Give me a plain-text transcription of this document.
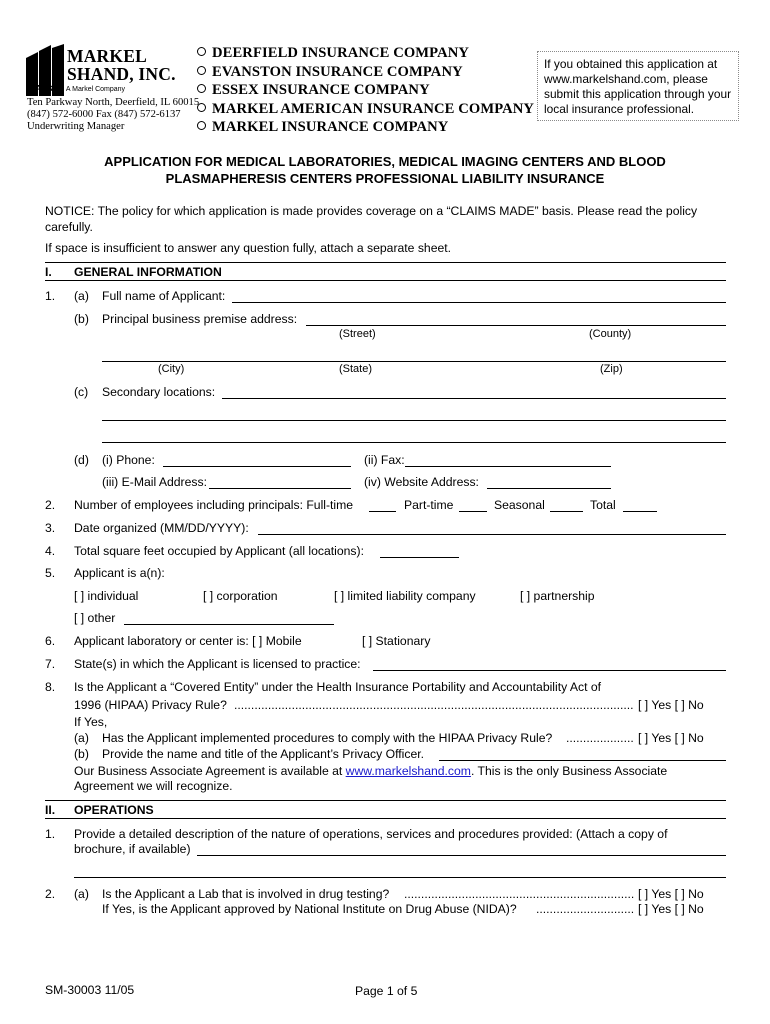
MARKEL
SHAND, INC.
MARKEL A Markel Company
Ten Parkway North, Deerfield, IL 60015
(847) 572-6000 Fax (847) 572-6137
Underwriting Manager
DEERFIELD INSURANCE COMPANY
EVANSTON INSURANCE COMPANY
ESSEX INSURANCE COMPANY
MARKEL AMERICAN INSURANCE COMPANY
MARKEL INSURANCE COMPANY
If you obtained this application at www.markelshand.com, please submit this application through your local insurance professional.
APPLICATION FOR MEDICAL LABORATORIES, MEDICAL IMAGING CENTERS AND BLOOD
PLASMAPHERESIS CENTERS PROFESSIONAL LIABILITY INSURANCE
NOTICE: The policy for which application is made provides coverage on a “CLAIMS MADE” basis. Please read the policy
carefully.
If space is insufficient to answer any question fully, attach a separate sheet.
I. GENERAL INFORMATION
1. (a) Full name of Applicant:
(b) Principal business premise address:
(Street)	(County)
(City)	(State)	(Zip)
(c) Secondary locations:
(d) (i) Phone:	(ii) Fax:
(iii) E-Mail Address:	(iv) Website Address:
2. Number of employees including principals: Full-time	Part-time	Seasonal	Total
3. Date organized (MM/DD/YYYY):
4. Total square feet occupied by Applicant (all locations):
5. Applicant is a(n):
[ ] individual	[ ] corporation	[ ] limited liability company	[ ] partnership
[ ] other
6. Applicant laboratory or center is: [ ] Mobile	[ ] Stationary
7. State(s) in which the Applicant is licensed to practice:
8. Is the Applicant a “Covered Entity” under the Health Insurance Portability and Accountability Act of
1996 (HIPAA) Privacy Rule? .....	[ ] Yes [ ] No
If Yes,
(a) Has the Applicant implemented procedures to comply with the HIPAA Privacy Rule? .....	[ ] Yes [ ] No
(b) Provide the name and title of the Applicant’s Privacy Officer.
Our Business Associate Agreement is available at www.markelshand.com. This is the only Business Associate
Agreement we will recognize.
II. OPERATIONS
1. Provide a detailed description of the nature of operations, services and procedures provided: (Attach a copy of
brochure, if available)
2. (a) Is the Applicant a Lab that is involved in drug testing? .....	[ ] Yes [ ] No
If Yes, is the Applicant approved by National Institute on Drug Abuse (NIDA)? .....	[ ] Yes [ ] No
SM-30003 11/05	Page 1 of 5
